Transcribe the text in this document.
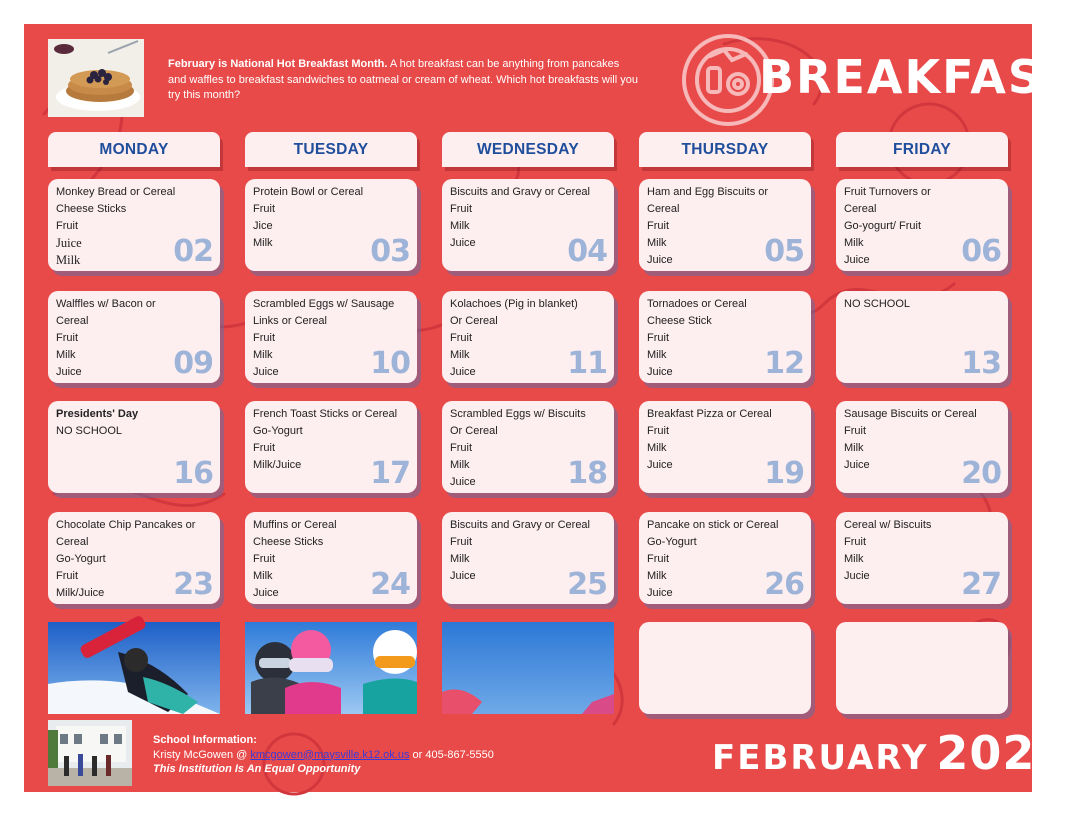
February is National Hot Breakfast Month. A hot breakfast can be anything from pancakes and waffles to breakfast sandwiches to oatmeal or cream of wheat. Which hot breakfasts will you try this month?	BREAKFAST
MONDAY	TUESDAY	WEDNESDAY	THURSDAY	FRIDAY
Monkey Bread or Cereal
Cheese Sticks
Fruit
Juice
Milk	02
Protein Bowl or Cereal
Fruit
Jice
Milk	03
Biscuits and Gravy or Cereal
Fruit
Milk
Juice	04
Ham and Egg Biscuits or
Cereal
Fruit
Milk
Juice	05
Fruit Turnovers or
Cereal
Go-yogurt/ Fruit
Milk
Juice	06
Walffles w/ Bacon or
Cereal
Fruit
Milk
Juice	09
Scrambled Eggs w/ Sausage
Links or Cereal
Fruit
Milk
Juice	10
Kolachoes (Pig in blanket)
Or Cereal
Fruit
Milk
Juice	11
Tornadoes or Cereal
Cheese Stick
Fruit
Milk
Juice	12
NO SCHOOL
13
Presidents' Day
NO SCHOOL
16
French Toast Sticks or Cereal
Go-Yogurt
Fruit
Milk/Juice	17
Scrambled Eggs w/ Biscuits
Or Cereal
Fruit
Milk
Juice	18
Breakfast Pizza or Cereal
Fruit
Milk
Juice	19
Sausage Biscuits or Cereal
Fruit
Milk
Juice	20
Chocolate Chip Pancakes or
Cereal
Go-Yogurt
Fruit
Milk/Juice	23
Muffins or Cereal
Cheese Sticks
Fruit
Milk
Juice	24
Biscuits and Gravy or Cereal
Fruit
Milk
Juice	25
Pancake on stick or Cereal
Go-Yogurt
Fruit
Milk
Juice	26
Cereal w/ Biscuits
Fruit
Milk
Jucie	27
School Information:
Kristy McGowen @ kmcgowen@maysville.k12.ok.us or 405-867-5550
This Institution Is An Equal Opportunity	FEBRUARY 2026
